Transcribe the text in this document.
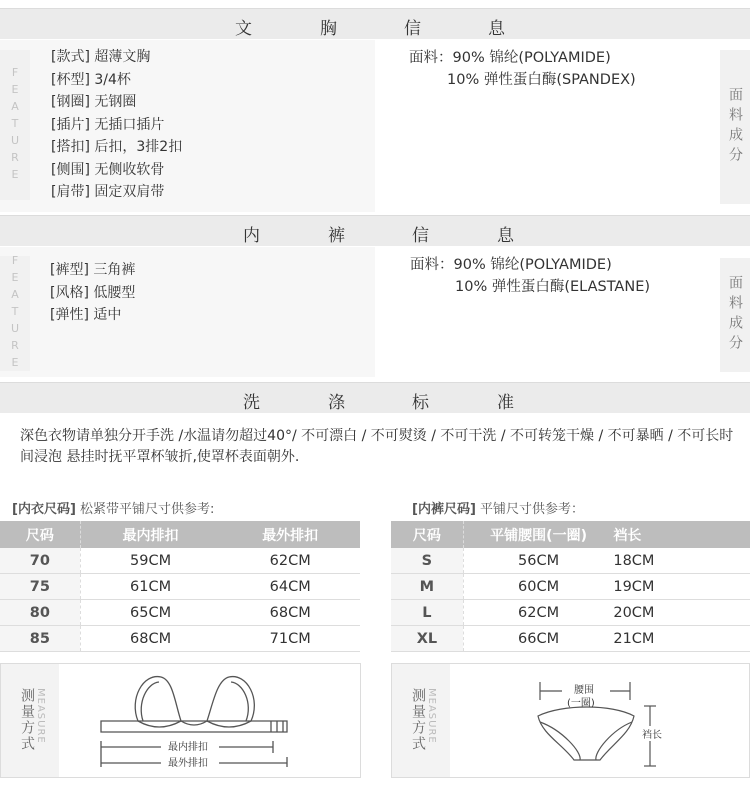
文	胸	信	息
FEATURE
[款式] 超薄文胸
[杯型] 3/4杯
[钢圈] 无钢圈
[插片] 无插口插片
[搭扣] 后扣，3排2扣
[侧围] 无侧收软骨
[肩带] 固定双肩带
面料：90% 锦纶(POLYAMIDE)
10% 弹性蛋白酶(SPANDEX)
面料成分
内	裤	信	息
FEATURE [裤型] 三角裤
[风格] 低腰型
[弹性] 适中
面料：90% 锦纶(POLYAMIDE)
10% 弹性蛋白酶(ELASTANE)	面料成分
洗	涤	标	准
深色衣物请单独分开手洗 /水温请勿超过40°/ 不可漂白 / 不可熨烫 / 不可干洗 / 不可转笼干燥 / 不可暴晒 / 不可长时间浸泡 悬挂时抚平罩杯皱折,使罩杯表面朝外.
[内衣尺码] 松紧带平铺尺寸供参考:
尺码	最内排扣	最外排扣
70	59CM	62CM
75	61CM	64CM
80	65CM	68CM
85	68CM	71CM
[内裤尺码] 平铺尺寸供参考：
尺码	平铺腰围(一圈)	裆长	
S	56CM	18CM	
M	60CM	19CM	
L	62CM	20CM	
XL	66CM	21CM	
测量方式 MEASURE
最内排扣
最外排扣
测量方式 MEASURE	腰围
(一圈)
裆长
